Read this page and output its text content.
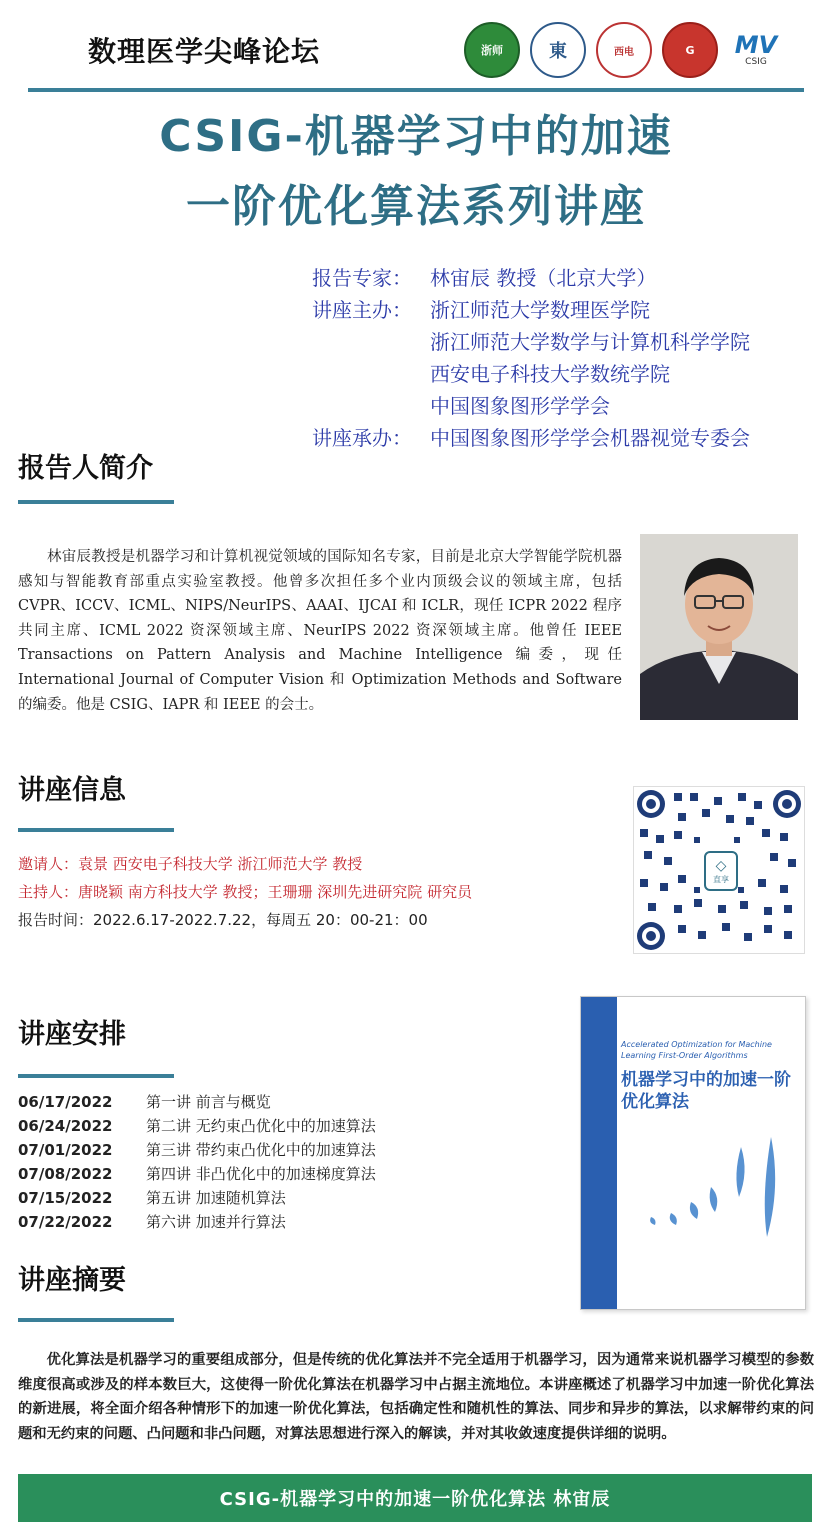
数理医学尖峰论坛	浙师	東	西电	G MV
CSIG
CSIG-机器学习中的加速
一阶优化算法系列讲座
报告专家： 林宙辰 教授（北京大学）
讲座主办： 浙江师范大学数理医学院
浙江师范大学数学与计算机科学学院
西安电子科技大学数统学院
中国图象图形学学会
讲座承办： 中国图象图形学学会机器视觉专委会
报告人简介
林宙辰教授是机器学习和计算机视觉领域的国际知名专家，目前是北京大学智能学院机器感知与智能教育部重点实验室教授。他曾多次担任多个业内顶级会议的领域主席，包括 CVPR、ICCV、ICML、NIPS/NeurIPS、AAAI、IJCAI 和 ICLR，现任 ICPR 2022 程序共同主席、ICML 2022 资深领域主席、NeurIPS 2022 资深领域主席。他曾任 IEEE Transactions on Pattern Analysis and Machine Intelligence 编委，现任 International Journal of Computer Vision 和 Optimization Methods and Software 的编委。他是 CSIG、IAPR 和 IEEE 的会士。
讲座信息
邀请人：袁景 西安电子科技大学 浙江师范大学 教授
主持人：唐晓颖 南方科技大学 教授；王珊珊 深圳先进研究院 研究员
报告时间：2022.6.17-2022.7.22，每周五 20：00-21：00
◇
直享
讲座安排
06/17/2022	第一讲 前言与概览
06/24/2022	第二讲 无约束凸优化中的加速算法
07/01/2022	第三讲 带约束凸优化中的加速算法
07/08/2022	第四讲 非凸优化中的加速梯度算法
07/15/2022	第五讲 加速随机算法
07/22/2022	第六讲 加速并行算法
Accelerated Optimization for Machine Learning First-Order Algorithms
机器学习中的加速一阶优化算法
讲座摘要
优化算法是机器学习的重要组成部分，但是传统的优化算法并不完全适用于机器学习，因为通常来说机器学习模型的参数维度很高或涉及的样本数巨大，这使得一阶优化算法在机器学习中占据主流地位。本讲座概述了机器学习中加速一阶优化算法的新进展，将全面介绍各种情形下的加速一阶优化算法，包括确定性和随机性的算法、同步和异步的算法，以求解带约束的问题和无约束的问题、凸问题和非凸问题，对算法思想进行深入的解读，并对其收敛速度提供详细的说明。
CSIG-机器学习中的加速一阶优化算法 林宙辰
